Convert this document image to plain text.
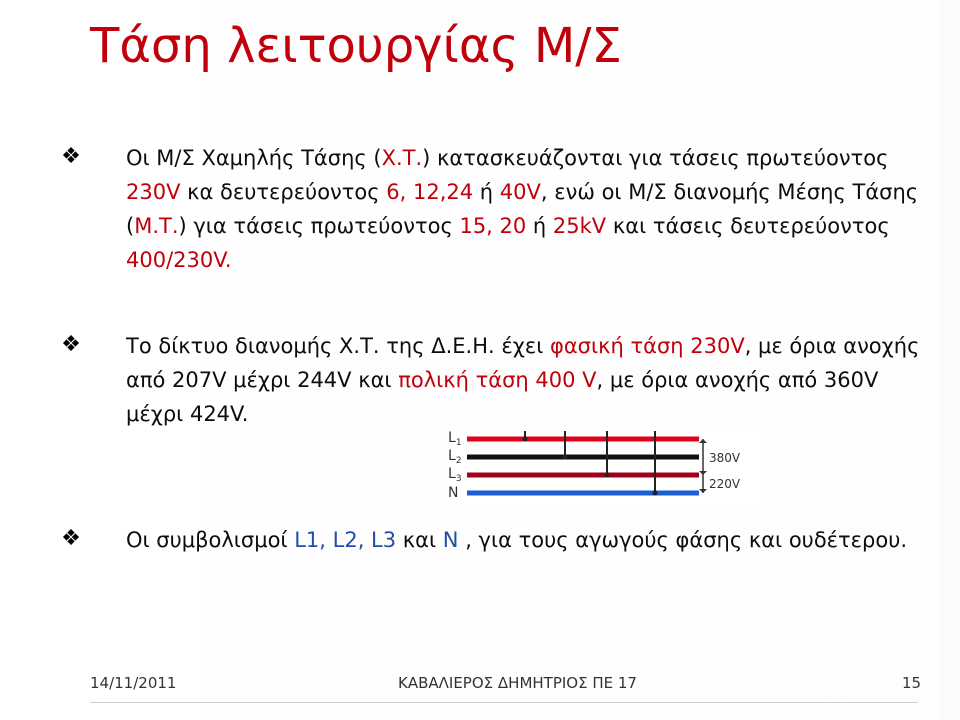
Τάση λειτουργίας Μ/Σ
❖	Οι Μ/Σ Χαμηλής Τάσης (Χ.Τ.) κατασκευάζονται για τάσεις πρωτεύοντος 230V κα δευτερεύοντος 6, 12,24 ή 40V, ενώ οι Μ/Σ διανομής Μέσης Τάσης (Μ.Τ.) για τάσεις πρωτεύοντος 15, 20 ή 25kV και τάσεις δευτερεύοντος 400/230V.
❖	Το δίκτυο διανομής Χ.Τ. της Δ.Ε.Η. έχει φασική τάση 230V, με όρια ανοχής από 207V μέχρι 244V και πολική τάση 400 V, με όρια ανοχής από 360V μέχρι 424V.
❖	Οι συμβολισμοί L1, L2, L3 και N , για τους αγωγούς φάσης και ουδέτερου.
$L_1$
$L_2$
$L_3$
N
380V
220V
14/11/2011	ΚΑΒΑΛΙΕΡΟΣ ΔΗΜΗΤΡΙΟΣ ΠΕ 17	15
